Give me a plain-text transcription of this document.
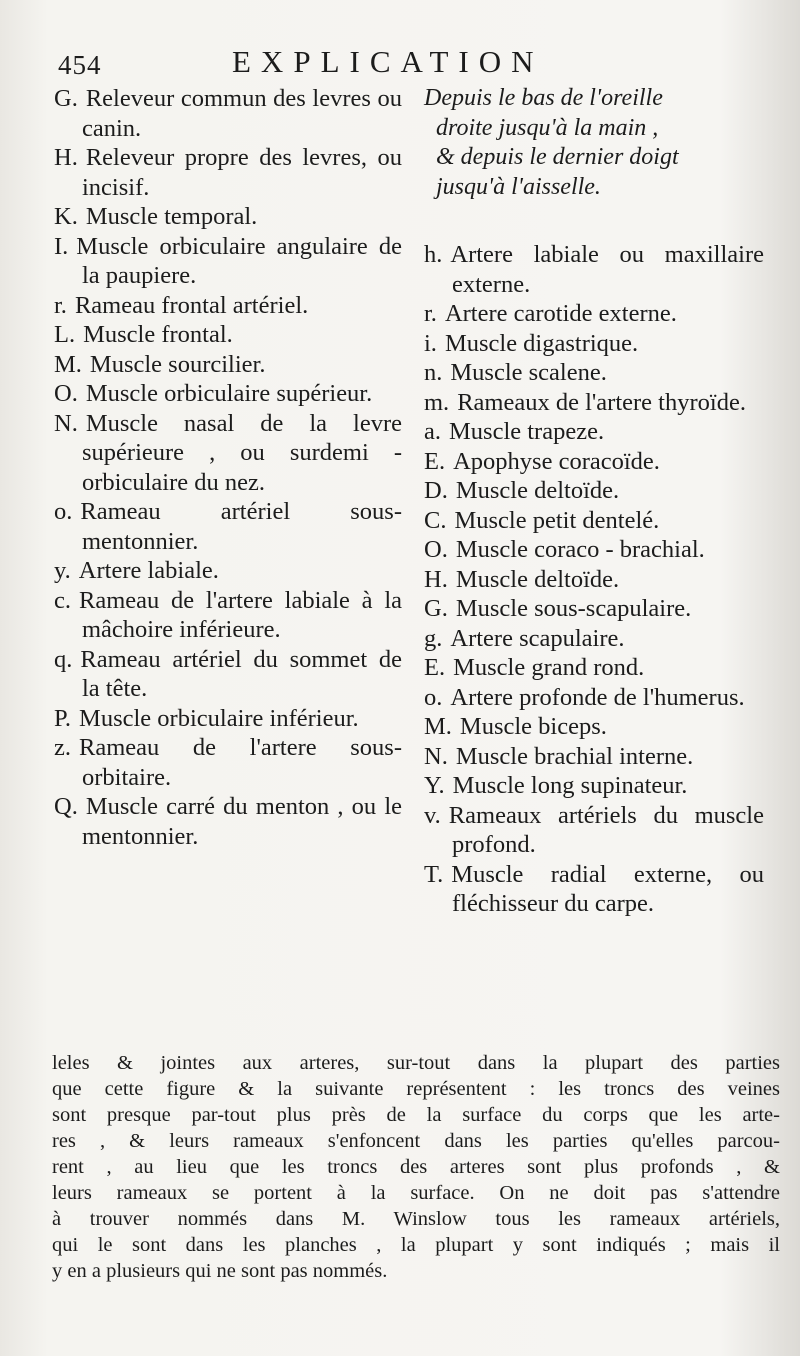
454	EXPLICATION
G. Releveur commun des levres ou canin.
H. Releveur propre des levres, ou incisif.
K. Muscle temporal.
I. Muscle orbiculaire angulaire de la paupiere.
r. Rameau frontal artériel.
L. Muscle frontal.
M. Muscle sourcilier.
O. Muscle orbiculaire supérieur.
N. Muscle nasal de la levre supérieure , ou surdemi - orbiculaire du nez.
o. Rameau artériel sous-mentonnier.
y. Artere labiale.
c. Rameau de l'artere labiale à la mâchoire inférieure.
q. Rameau artériel du sommet de la tête.
P. Muscle orbiculaire inférieur.
z. Rameau de l'artere sous-orbitaire.
Q. Muscle carré du menton , ou le mentonnier.
Depuis le bas de l'oreille
droite jusqu'à la main ,
& depuis le dernier doigt
jusqu'à l'aisselle.
h. Artere labiale ou maxillaire externe.
r. Artere carotide externe.
i. Muscle digastrique.
n. Muscle scalene.
m. Rameaux de l'artere thyroïde.
a. Muscle trapeze.
E. Apophyse coracoïde.
D. Muscle deltoïde.
C. Muscle petit dentelé.
O. Muscle coraco - brachial.
H. Muscle deltoïde.
G. Muscle sous-scapulaire.
g. Artere scapulaire.
E. Muscle grand rond.
o. Artere profonde de l'humerus.
M. Muscle biceps.
N. Muscle brachial interne.
Y. Muscle long supinateur.
v. Rameaux artériels du muscle profond.
T. Muscle radial externe, ou fléchisseur du carpe.
leles & jointes aux arteres, sur-tout dans la plupart des parties
que cette figure & la suivante représentent : les troncs des veines
sont presque par-tout plus près de la surface du corps que les arte-
res , & leurs rameaux s'enfoncent dans les parties qu'elles parcou-
rent , au lieu que les troncs des arteres sont plus profonds , &
leurs rameaux se portent à la surface. On ne doit pas s'attendre
à trouver nommés dans M. Winslow tous les rameaux artériels,
qui le sont dans les planches , la plupart y sont indiqués ; mais il
y en a plusieurs qui ne sont pas nommés.
